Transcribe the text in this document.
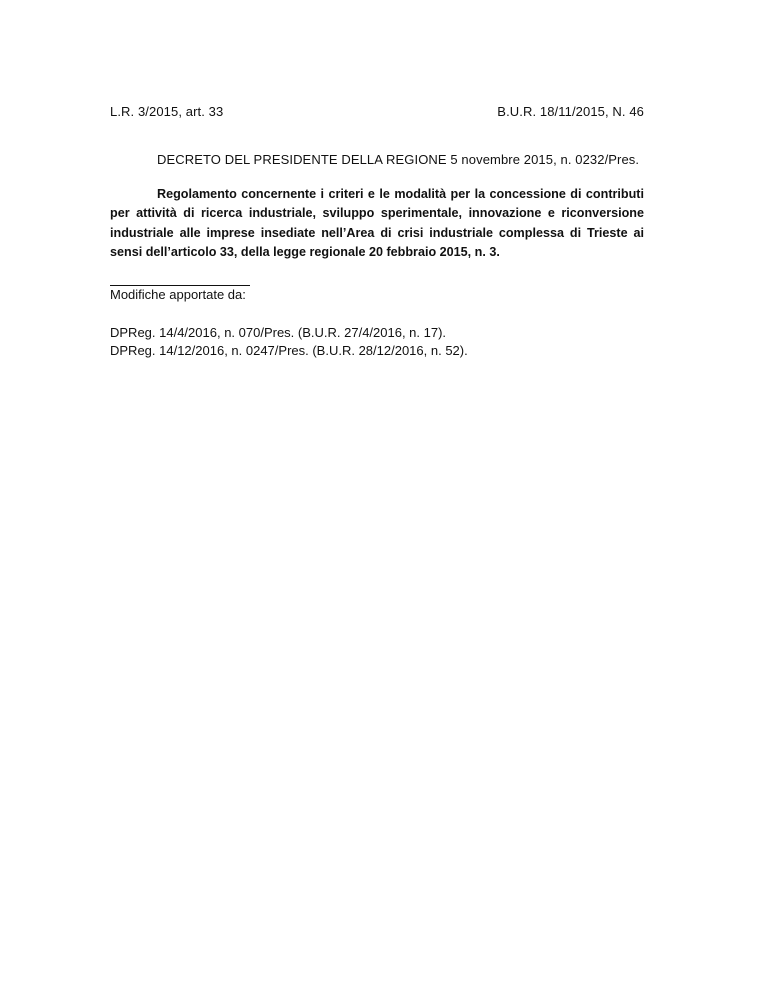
L.R. 3/2015, art. 33	B.U.R. 18/11/2015, N. 46
DECRETO DEL PRESIDENTE DELLA REGIONE 5 novembre 2015, n. 0232/Pres.
Regolamento concernente i criteri e le modalità per la concessione di contributi per attività di ricerca industriale, sviluppo sperimentale, innovazione e riconversione industriale alle imprese insediate nell’Area di crisi industriale complessa di Trieste ai sensi dell’articolo 33, della legge regionale 20 febbraio 2015, n. 3.
Modifiche apportate da:
DPReg. 14/4/2016, n. 070/Pres. (B.U.R. 27/4/2016, n. 17).
DPReg. 14/12/2016, n. 0247/Pres. (B.U.R. 28/12/2016, n. 52).
